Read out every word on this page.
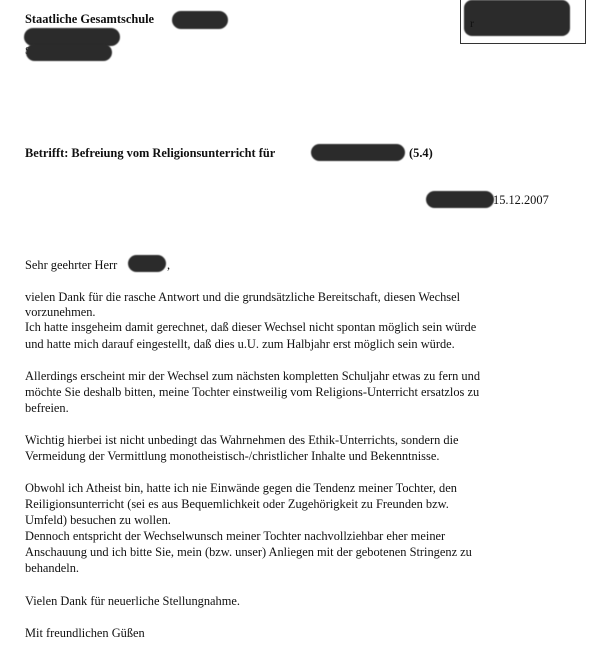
r
Staatliche Gesamtschule
Betrifft: Befreiung vom Religionsunterricht für	(5.4)
15.12.2007
Sehr geehrter Herr	,
vielen Dank für die rasche Antwort und die grundsätzliche Bereitschaft, diesen Wechsel
vorzunehmen.
Ich hatte insgeheim damit gerechnet, daß dieser Wechsel nicht spontan möglich sein würde
und hatte mich darauf eingestellt, daß dies u.U. zum Halbjahr erst möglich sein würde.
Allerdings erscheint mir der Wechsel zum nächsten kompletten Schuljahr etwas zu fern und
möchte Sie deshalb bitten, meine Tochter einstweilig vom Religions-Unterricht ersatzlos zu
befreien.
Wichtig hierbei ist nicht unbedingt das Wahrnehmen des Ethik-Unterrichts, sondern die
Vermeidung der Vermittlung monotheistisch-/christlicher Inhalte und Bekenntnisse.
Obwohl ich Atheist bin, hatte ich nie Einwände gegen die Tendenz meiner Tochter, den
Reiligionsunterricht (sei es aus Bequemlichkeit oder Zugehörigkeit zu Freunden bzw.
Umfeld) besuchen zu wollen.
Dennoch entspricht der Wechselwunsch meiner Tochter nachvollziehbar eher meiner
Anschauung und ich bitte Sie, mein (bzw. unser) Anliegen mit der gebotenen Stringenz zu
behandeln.
Vielen Dank für neuerliche Stellungnahme.
Mit freundlichen Güßen
